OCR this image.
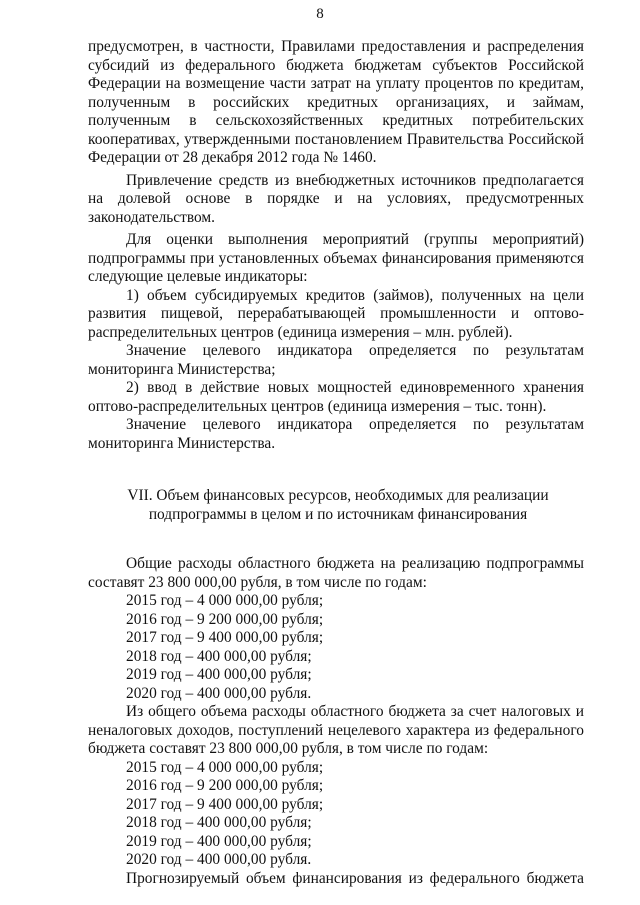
8

предусмотрен, в частности, Правилами предоставления и распределения субсидий из федерального бюджета бюджетам субъектов Российской Федерации на возмещение части затрат на уплату процентов по кредитам, полученным в российских кредитных организациях, и займам, полученным в сельскохозяйственных кредитных потребительских кооперативах, утвержденными постановлением Правительства Российской Федерации от 28 декабря 2012 года № 1460.

Привлечение средств из внебюджетных источников предполагается на долевой основе в порядке и на условиях, предусмотренных законодательством.

Для оценки выполнения мероприятий (группы мероприятий) подпрограммы при установленных объемах финансирования применяются следующие целевые индикаторы:

1) объем субсидируемых кредитов (займов), полученных на цели развития пищевой, перерабатывающей промышленности и оптово-распределительных центров (единица измерения – млн. рублей).

Значение целевого индикатора определяется по результатам мониторинга Министерства;

2) ввод в действие новых мощностей единовременного хранения оптово-распределительных центров (единица измерения – тыс. тонн).

Значение целевого индикатора определяется по результатам мониторинга Министерства.

VII. Объем финансовых ресурсов, необходимых для реализации подпрограммы в целом и по источникам финансирования

Общие расходы областного бюджета на реализацию подпрограммы составят 23 800 000,00 рубля, в том числе по годам:

2015 год – 4 000 000,00 рубля;

2016 год – 9 200 000,00 рубля;

2017 год – 9 400 000,00 рубля;

2018 год – 400 000,00 рубля;

2019 год – 400 000,00 рубля;

2020 год – 400 000,00 рубля.

Из общего объема расходы областного бюджета за счет налоговых и неналоговых доходов, поступлений нецелевого характера из федерального бюджета составят 23 800 000,00 рубля, в том числе по годам:

2015 год – 4 000 000,00 рубля;

2016 год – 9 200 000,00 рубля;

2017 год – 9 400 000,00 рубля;

2018 год – 400 000,00 рубля;

2019 год – 400 000,00 рубля;

2020 год – 400 000,00 рубля.

Прогнозируемый объем финансирования из федерального бюджета
